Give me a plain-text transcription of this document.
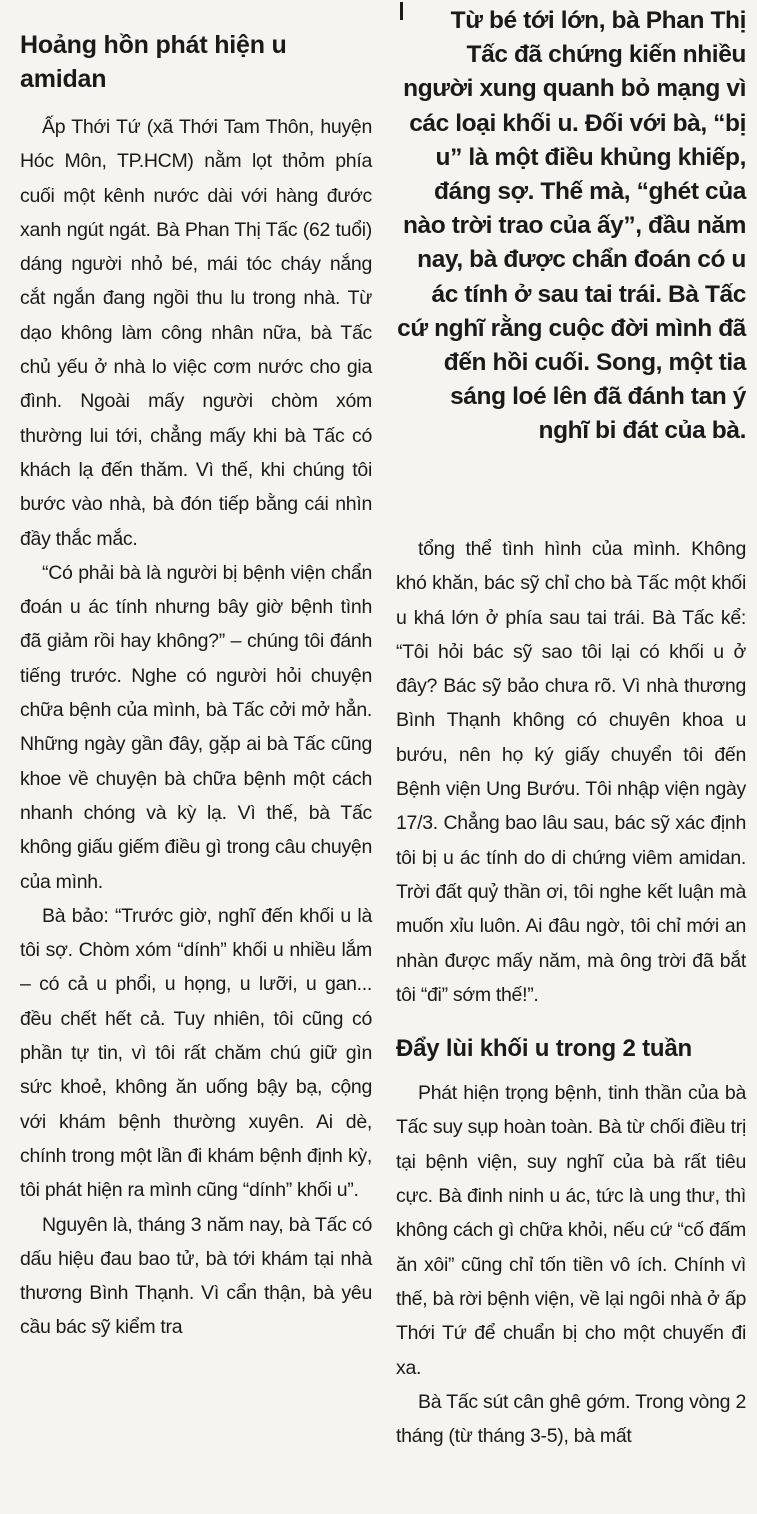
Hoảng hồn phát hiện u amidan

Ấp Thới Tứ (xã Thới Tam Thôn, huyện Hóc Môn, TP.HCM) nằm lọt thỏm phía cuối một kênh nước dài với hàng đước xanh ngút ngát. Bà Phan Thị Tấc (62 tuổi) dáng người nhỏ bé, mái tóc cháy nắng cắt ngắn đang ngồi thu lu trong nhà. Từ dạo không làm công nhân nữa, bà Tấc chủ yếu ở nhà lo việc cơm nước cho gia đình. Ngoài mấy người chòm xóm thường lui tới, chẳng mấy khi bà Tấc có khách lạ đến thăm. Vì thế, khi chúng tôi bước vào nhà, bà đón tiếp bằng cái nhìn đầy thắc mắc.

“Có phải bà là người bị bệnh viện chẩn đoán u ác tính nhưng bây giờ bệnh tình đã giảm rồi hay không?” – chúng tôi đánh tiếng trước. Nghe có người hỏi chuyện chữa bệnh của mình, bà Tấc cởi mở hẳn. Những ngày gần đây, gặp ai bà Tấc cũng khoe về chuyện bà chữa bệnh một cách nhanh chóng và kỳ lạ. Vì thế, bà Tấc không giấu giếm điều gì trong câu chuyện của mình.

Bà bảo: “Trước giờ, nghĩ đến khối u là tôi sợ. Chòm xóm “dính” khối u nhiều lắm – có cả u phổi, u họng, u lưỡi, u gan... đều chết hết cả. Tuy nhiên, tôi cũng có phần tự tin, vì tôi rất chăm chú giữ gìn sức khoẻ, không ăn uống bậy bạ, cộng với khám bệnh thường xuyên. Ai dè, chính trong một lần đi khám bệnh định kỳ, tôi phát hiện ra mình cũng “dính” khối u”.

Nguyên là, tháng 3 năm nay, bà Tấc có dấu hiệu đau bao tử, bà tới khám tại nhà thương Bình Thạnh. Vì cẩn thận, bà yêu cầu bác sỹ kiểm tra

Từ bé tới lớn, bà Phan Thị Tấc đã chứng kiến nhiều người xung quanh bỏ mạng vì các loại khối u. Đối với bà, “bị u” là một điều khủng khiếp, đáng sợ. Thế mà, “ghét của nào trời trao của ấy”, đầu năm nay, bà được chẩn đoán có u ác tính ở sau tai trái. Bà Tấc cứ nghĩ rằng cuộc đời mình đã đến hồi cuối. Song, một tia sáng loé lên đã đánh tan ý nghĩ bi đát của bà.

tổng thể tình hình của mình. Không khó khăn, bác sỹ chỉ cho bà Tấc một khối u khá lớn ở phía sau tai trái. Bà Tấc kể: “Tôi hỏi bác sỹ sao tôi lại có khối u ở đây? Bác sỹ bảo chưa rõ. Vì nhà thương Bình Thạnh không có chuyên khoa u bướu, nên họ ký giấy chuyển tôi đến Bệnh viện Ung Bướu. Tôi nhập viện ngày 17/3. Chẳng bao lâu sau, bác sỹ xác định tôi bị u ác tính do di chứng viêm amidan. Trời đất quỷ thần ơi, tôi nghe kết luận mà muốn xỉu luôn. Ai đâu ngờ, tôi chỉ mới an nhàn được mấy năm, mà ông trời đã bắt tôi “đi” sớm thế!”.

Đẩy lùi khối u trong 2 tuần

Phát hiện trọng bệnh, tinh thần của bà Tấc suy sụp hoàn toàn. Bà từ chối điều trị tại bệnh viện, suy nghĩ của bà rất tiêu cực. Bà đinh ninh u ác, tức là ung thư, thì không cách gì chữa khỏi, nếu cứ “cố đấm ăn xôi” cũng chỉ tốn tiền vô ích. Chính vì thế, bà rời bệnh viện, về lại ngôi nhà ở ấp Thới Tứ để chuẩn bị cho một chuyến đi xa.

Bà Tấc sút cân ghê gớm. Trong vòng 2 tháng (từ tháng 3-5), bà mất
